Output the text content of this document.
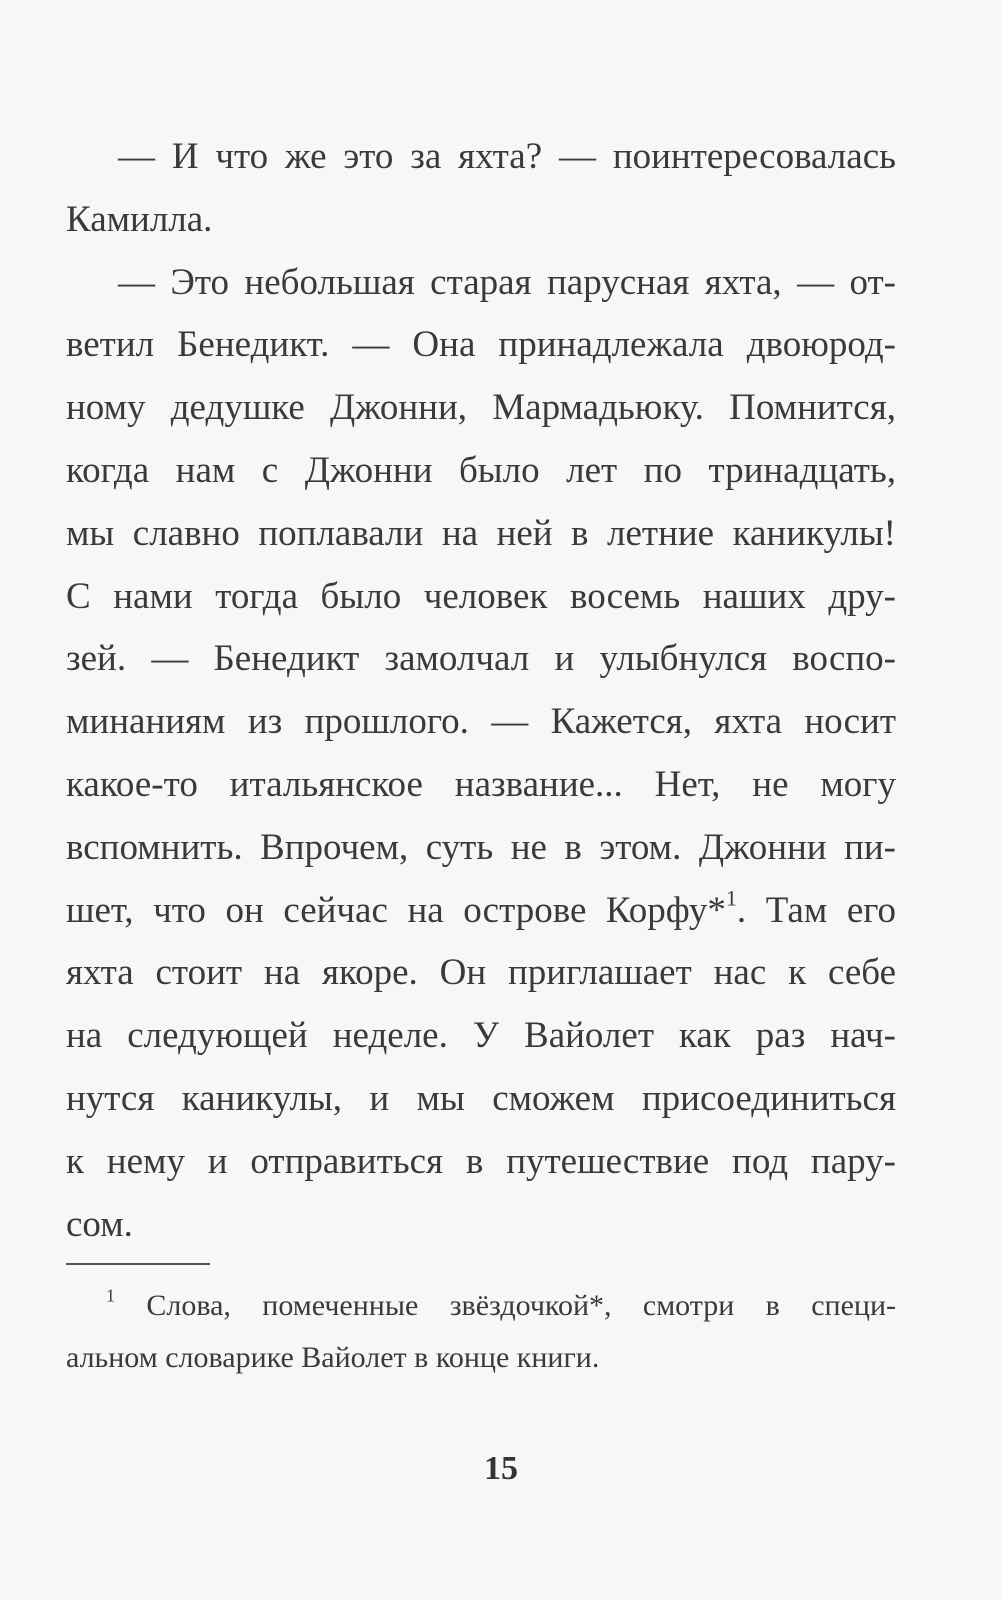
— И что же это за яхта? — поинтересовалась
Камилла.
— Это небольшая старая парусная яхта, — от-
ветил Бенедикт. — Она принадлежала двоюрод-
ному дедушке Джонни, Мармадьюку. Помнится,
когда нам с Джонни было лет по тринадцать,
мы славно поплавали на ней в летние каникулы!
С нами тогда было человек восемь наших дру-
зей. — Бенедикт замолчал и улыбнулся воспо-
минаниям из прошлого. — Кажется, яхта носит
какое-то итальянское название... Нет, не могу
вспомнить. Впрочем, суть не в этом. Джонни пи-
шет, что он сейчас на острове Корфу*$^1$. Там его
яхта стоит на якоре. Он приглашает нас к себе
на следующей неделе. У Вайолет как раз нач-
нутся каникулы, и мы сможем присоединиться
к нему и отправиться в путешествие под пару-
сом.
$^1$ Слова, помеченные звёздочкой*, смотри в специ-
альном словарике Вайолет в конце книги.
15
